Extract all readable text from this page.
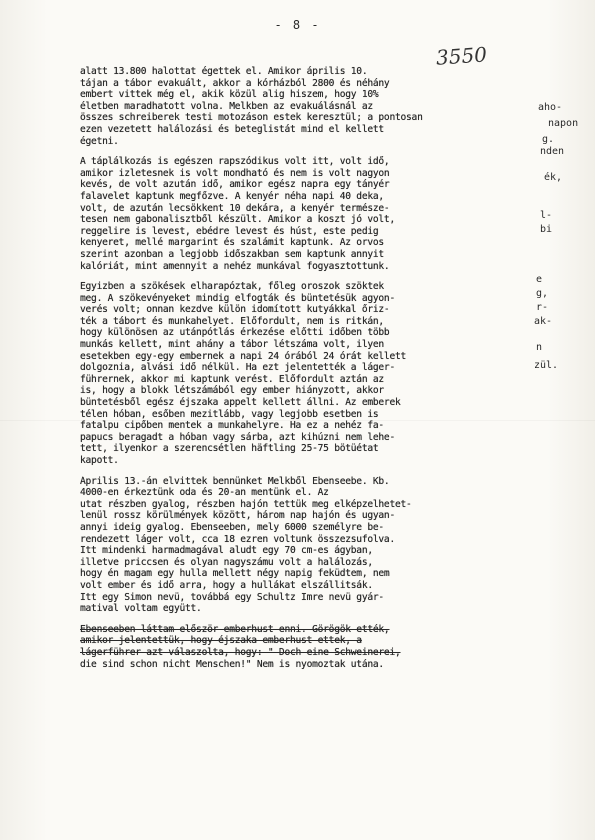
- 8 -
3550
alatt 13.800 halottat égettek el. Amikor április 10.
tájan a tábor evakuált, akkor a kórházból 2800 és néhány
embert vittek még el, akik közül alig hiszem, hogy 10%
életben maradhatott volna. Melkben az evakuálásnál az
összes schreiberek testi motozáson estek keresztül; a pontosan
ezen vezetett halálozási és beteglistát mind el kellett
égetni.
A táplálkozás is egészen rapszódikus volt itt, volt idő,
amikor izletesnek is volt mondható és nem is volt nagyon
kevés, de volt azután idő, amikor egész napra egy tányér
falavelet kaptunk megfőzve. A kenyér néha napi 40 deka,
volt, de azután lecsökkent 10 dekára, a kenyér természe-
tesen nem gabonalisztből készült. Amikor a koszt jó volt,
reggelire is levest, ebédre levest és húst, este pedig
kenyeret, mellé margarint és szalámit kaptunk. Az orvos
szerint azonban a legjobb időszakban sem kaptunk annyit
kalóriát, mint amennyit a nehéz munkával fogyasztottunk.
Egyizben a szökések elharapóztak, főleg oroszok szöktek
meg. A szökevényeket mindig elfogták és büntetésük agyon-
verés volt; onnan kezdve külön idomított kutyákkal őriz-
ték a tábort és munkahelyet. Előfordult, nem is ritkán,
hogy különösen az utánpótlás érkezése előtti időben több
munkás kellett, mint ahány a tábor létszáma volt, ilyen
esetekben egy-egy embernek a napi 24 órából 24 órát kellett
dolgoznia, alvási idő nélkül. Ha ezt jelentették a láger-
führernek, akkor mi kaptunk verést. Előfordult aztán az
is, hogy a blokk létszámából egy ember hiányzott, akkor
büntetésből egész éjszaka appelt kellett állni. Az emberek
télen hóban, esőben mezitlább, vagy legjobb esetben is
fatalpu cipőben mentek a munkahelyre. Ha ez a nehéz fa-
papucs beragadt a hóban vagy sárba, azt kihúzni nem lehe-
tett, ilyenkor a szerencsétlen häftling 25-75 bötüétat
kapott.
Április 13.-án elvittek bennünket Melkből Ebenseebe. Kb.
4000-en érkeztünk oda és 20-an mentünk el. Az
utat részben gyalog, részben hajón tettük meg elképzelhetet-
lenül rossz körülmények között, három nap hajón és ugyan-
annyi ideig gyalog. Ebenseeben, mely 6000 személyre be-
rendezett láger volt, cca 18 ezren voltunk összezsufolva.
Itt mindenki harmadmagával aludt egy 70 cm-es ágyban,
illetve priccsen és olyan nagyszámu volt a halálozás,
hogy én magam egy hulla mellett négy napig feküdtem, nem
volt ember és idő arra, hogy a hullákat elszállitsák.
Itt egy Simon nevü, továbbá egy Schultz Imre nevü gyár-
matival voltam együtt.
Ebenseeben láttam először emberhust enni. Görögök ették,
amikor jelentettük, hogy éjszaka emberhust ettek, a
lágerführer azt válaszolta, hogy: " Doch eine Schweinerei,
die sind schon nicht Menschen!" Nem is nyomoztak utána.
aho-
napon
g.
nden
ék,
l-
bi
e
g,
r-
ak-
n
zül.
